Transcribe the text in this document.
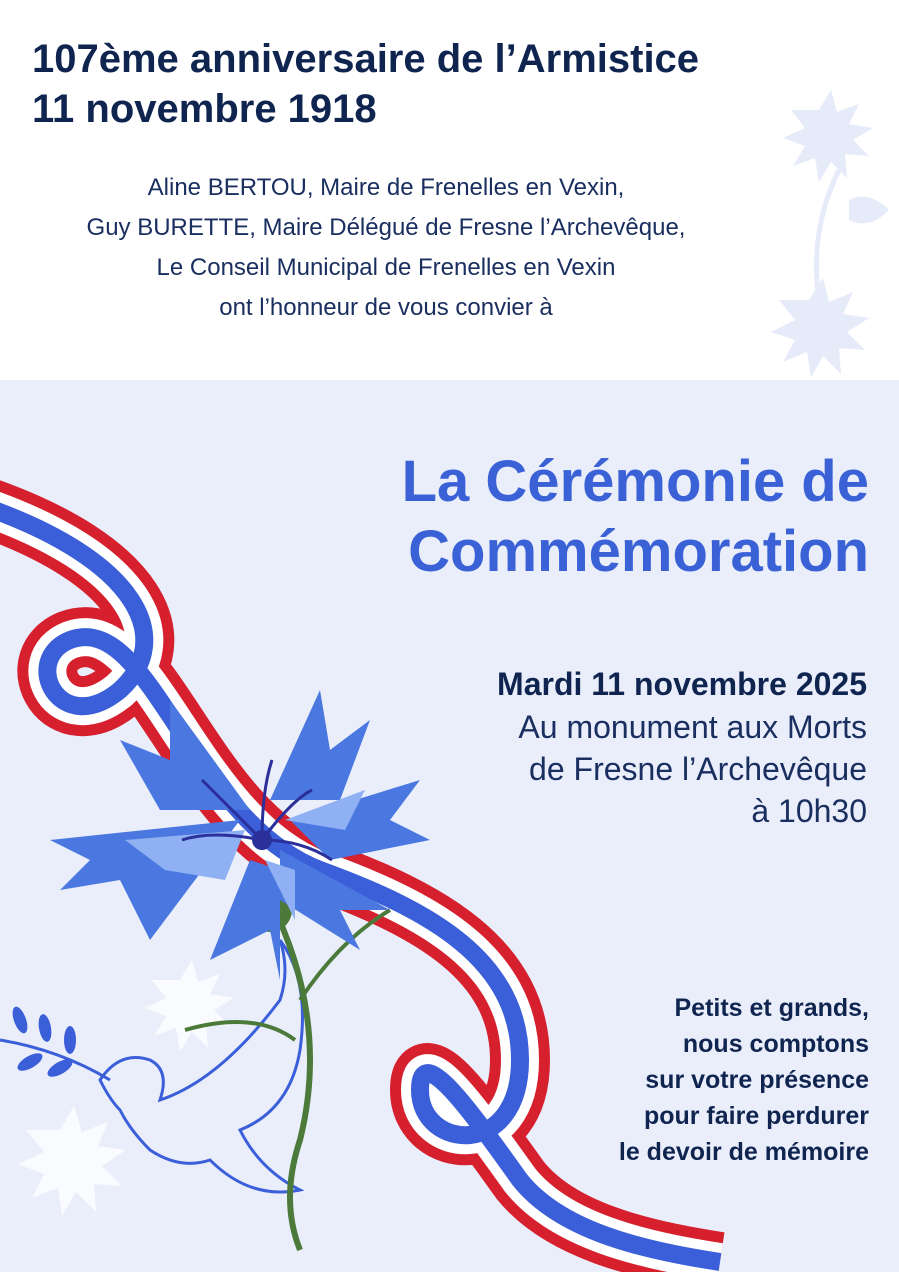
107ème anniversaire de l’Armistice
11 novembre 1918

Aline BERTOU, Maire de Frenelles en Vexin,
Guy BURETTE, Maire Délégué de Fresne l’Archevêque,
Le Conseil Municipal de Frenelles en Vexin
ont l’honneur de vous convier à

La Cérémonie de
Commémoration
Mardi 11 novembre 2025
Au monument aux Morts
de Fresne l’Archevêque
à 10h30
Petits et grands,
nous comptons
sur votre présence
pour faire perdurer
le devoir de mémoire
